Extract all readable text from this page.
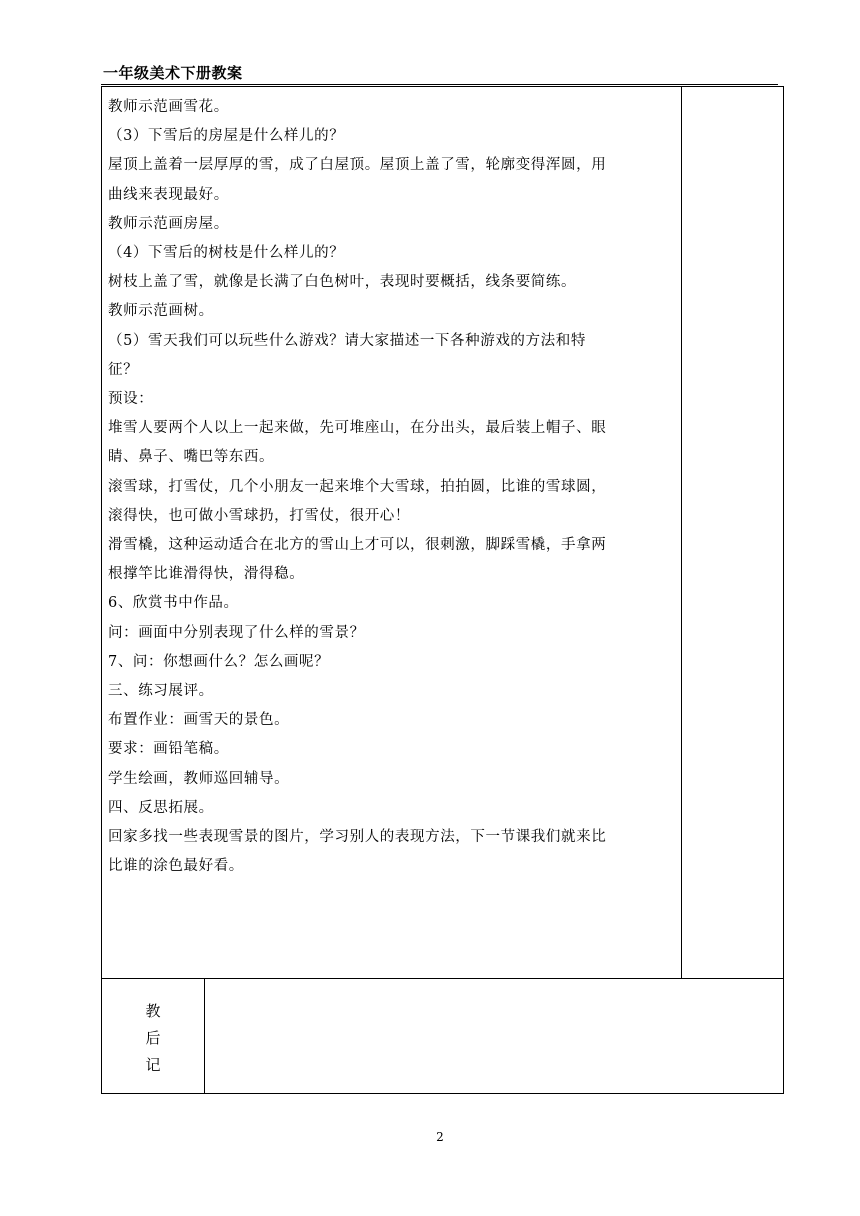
一年级美术下册教案

教师示范画雪花。

（3）下雪后的房屋是什么样儿的？

屋顶上盖着一层厚厚的雪，成了白屋顶。屋顶上盖了雪，轮廓变得浑圆，用

曲线来表现最好。

教师示范画房屋。

（4）下雪后的树枝是什么样儿的？

树枝上盖了雪，就像是长满了白色树叶，表现时要概括，线条要简练。

教师示范画树。

（5）雪天我们可以玩些什么游戏？请大家描述一下各种游戏的方法和特

征？

预设：

堆雪人要两个人以上一起来做，先可堆座山，在分出头，最后装上帽子、眼

睛、鼻子、嘴巴等东西。

滚雪球，打雪仗，几个小朋友一起来堆个大雪球，拍拍圆，比谁的雪球圆，

滚得快，也可做小雪球扔，打雪仗，很开心！

滑雪橇，这种运动适合在北方的雪山上才可以，很刺激，脚踩雪橇，手拿两

根撑竿比谁滑得快，滑得稳。

6、欣赏书中作品。

问：画面中分别表现了什么样的雪景？

7、问：你想画什么？怎么画呢？

三、练习展评。

布置作业：画雪天的景色。

要求：画铅笔稿。

学生绘画，教师巡回辅导。

四、反思拓展。

回家多找一些表现雪景的图片，学习别人的表现方法，下一节课我们就来比

比谁的涂色最好看。

教
后
记
2
